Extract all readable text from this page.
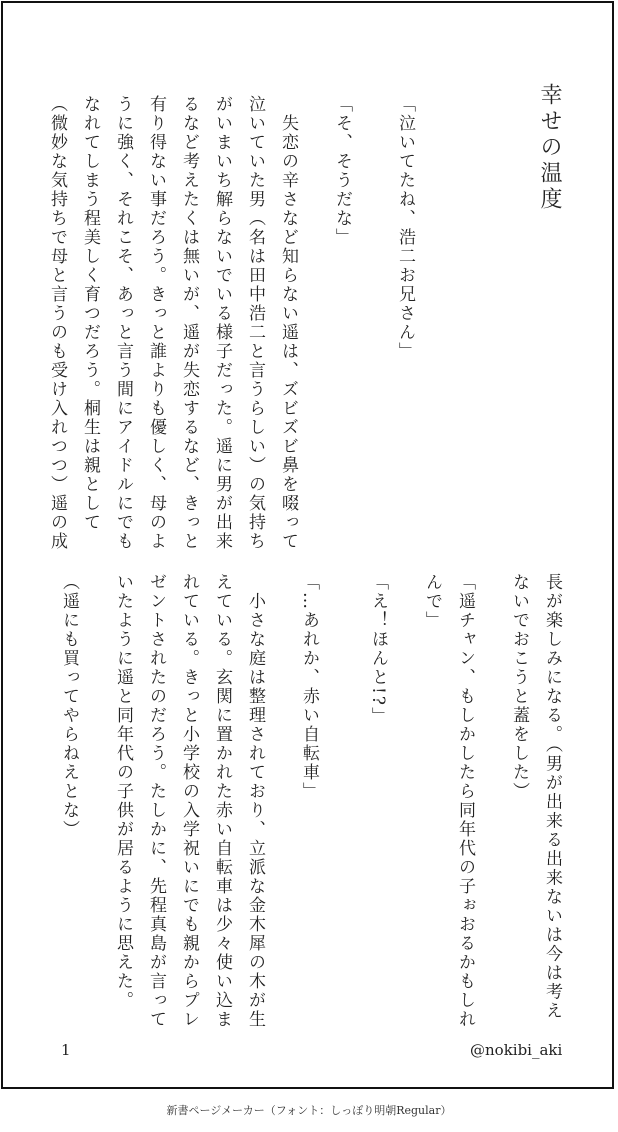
幸せの温度
「泣いてたね、浩二お兄さん」
「そ、そうだな」
　失恋の辛さなど知らない遥は、ズビズビ鼻を啜って
泣いていた男（名は田中浩二と言うらしい）の気持ち
がいまいち解らないでいる様子だった。遥に男が出来
るなど考えたくは無いが、遥が失恋するなど、きっと
有り得ない事だろう。きっと誰よりも優しく、母のよ
うに強く、それこそ、あっと言う間にアイドルにでも
なれてしまう程美しく育つだろう。桐生は親として
（微妙な気持ちで母と言うのも受け入れつつ）遥の成
長が楽しみになる。（男が出来る出来ないは今は考え
ないでおこうと蓋をした）
「遥チャン、もしかしたら同年代の子ぉおるかもしれ
んで」
「え！ほんと!?」
「…あれか、赤い自転車」
　小さな庭は整理されており、立派な金木犀の木が生
えている。玄関に置かれた赤い自転車は少々使い込ま
れている。きっと小学校の入学祝いにでも親からプレ
ゼントされたのだろう。たしかに、先程真島が言って
いたように遥と同年代の子供が居るように思えた。
（遥にも買ってやらねえとな）
1	@nokibi_aki
新書ページメーカー（フォント：しっぽり明朝Regular）
